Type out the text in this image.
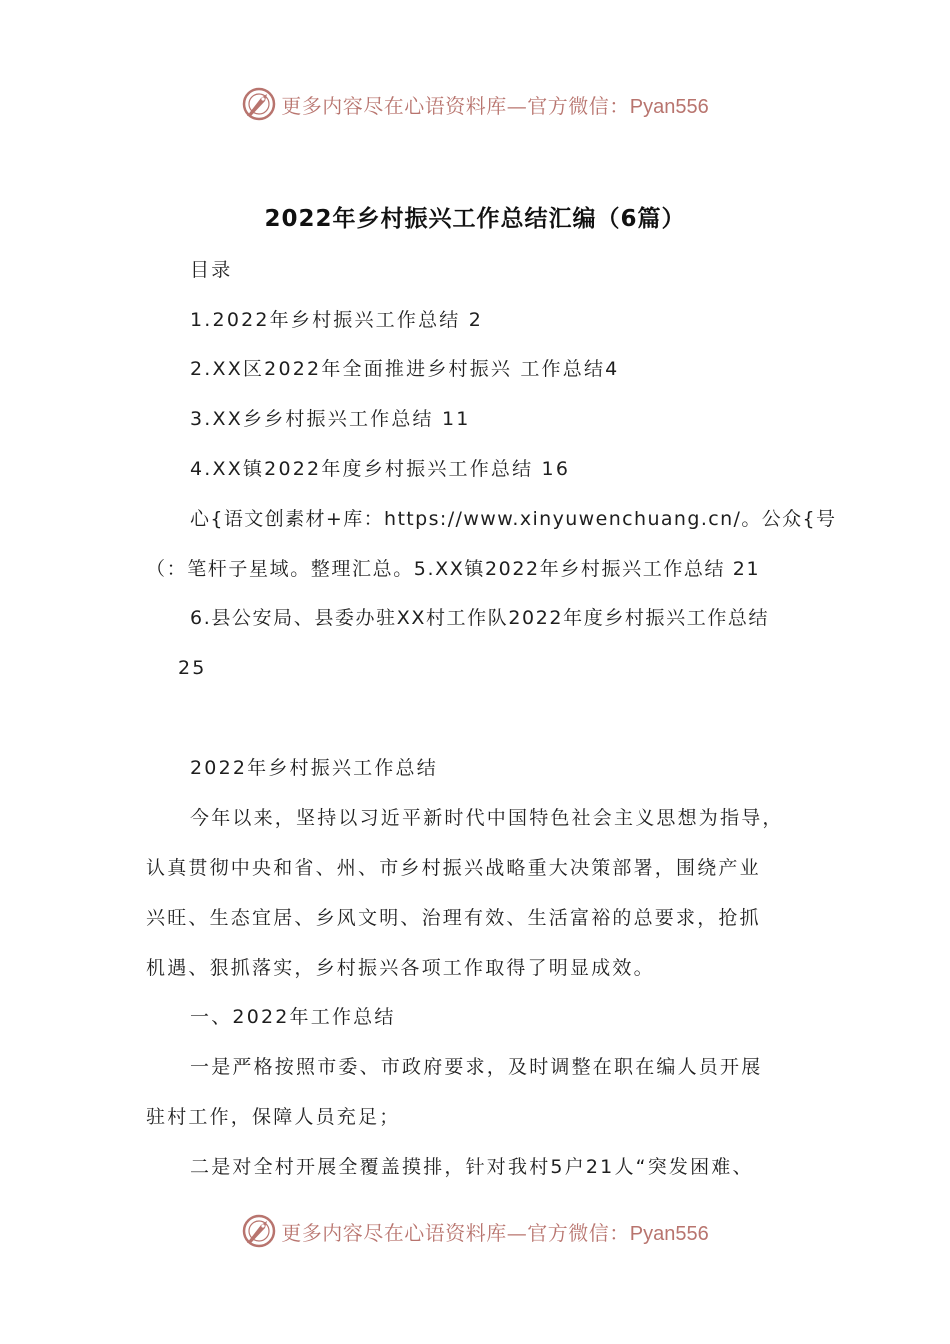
更多内容尽在心语资料库—官方微信：Pyan556
2022年乡村振兴工作总结汇编（6篇）
目录
1.2022年乡村振兴工作总结 2
2.XX区2022年全面推进乡村振兴 工作总结4
3.XX乡乡村振兴工作总结 11
4.XX镇2022年度乡村振兴工作总结 16
心{语文创素材+库：https://www.xinyuwenchuang.cn/。公众{号
（：笔杆子星域。整理汇总。5.XX镇2022年乡村振兴工作总结 21
6.县公安局、县委办驻XX村工作队2022年度乡村振兴工作总结
25
2022年乡村振兴工作总结
今年以来，坚持以习近平新时代中国特色社会主义思想为指导，
认真贯彻中央和省、州、市乡村振兴战略重大决策部署，围绕产业
兴旺、生态宜居、乡风文明、治理有效、生活富裕的总要求，抢抓
机遇、狠抓落实，乡村振兴各项工作取得了明显成效。
一、2022年工作总结
一是严格按照市委、市政府要求，及时调整在职在编人员开展
驻村工作，保障人员充足；
二是对全村开展全覆盖摸排，针对我村5户21人“突发困难、
更多内容尽在心语资料库—官方微信：Pyan556
